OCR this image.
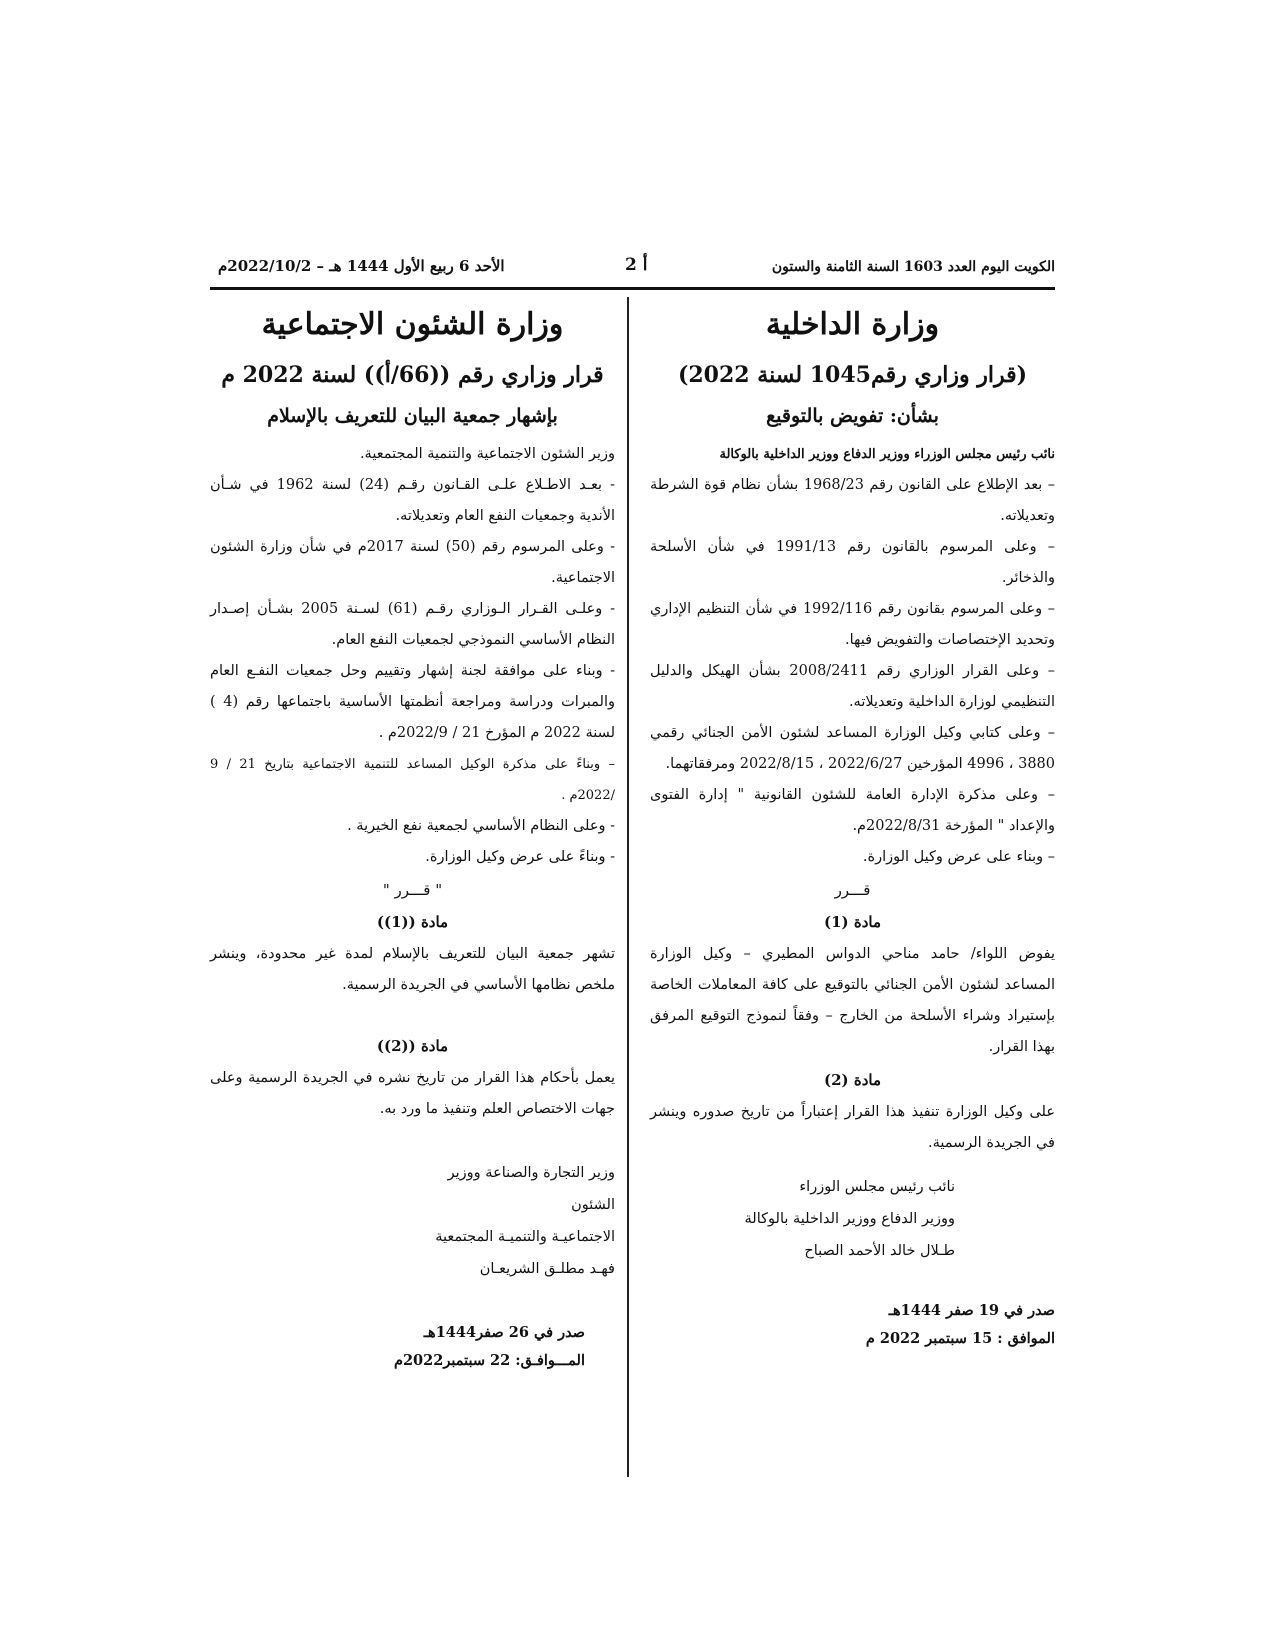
الكويت اليوم العدد 1603 السنة الثامنة والستون
أ 2
الأحد 6 ربيع الأول 1444 هـ – 2022/10/2م
وزارة الداخلية
(قرار وزاري رقم1045 لسنة 2022)
بشأن: تفويض بالتوقيع

نائب رئيس مجلس الوزراء ووزير الدفاع ووزير الداخلية بالوكالة

– بعد الإطلاع على القانون رقم 1968/23 بشأن نظام قوة الشرطة وتعديلاته.

– وعلى المرسوم بالقانون رقم 1991/13 في شأن الأسلحة والذخائر.

– وعلى المرسوم بقانون رقم 1992/116 في شأن التنظيم الإداري وتحديد الإختصاصات والتفويض فيها.

– وعلى القرار الوزاري رقم 2008/2411 بشأن الهيكل والدليل التنظيمي لوزارة الداخلية وتعديلاته.

– وعلى كتابي وكيل الوزارة المساعد لشئون الأمن الجنائي رقمي 3880 ، 4996 المؤرخين 2022/6/27 ، 2022/8/15 ومرفقاتهما.

– وعلى مذكرة الإدارة العامة للشئون القانونية " إدارة الفتوى والإعداد " المؤرخة 2022/8/31م.

– وبناء على عرض وكيل الوزارة.

قـــرر
مادة (1)

يفوض اللواء/ حامد مناحي الدواس المطيري – وكيل الوزارة المساعد لشئون الأمن الجنائي بالتوقيع على كافة المعاملات الخاصة بإستيراد وشراء الأسلحة من الخارج – وفقاً لنموذج التوقيع المرفق بهذا القرار.

مادة (2)

على وكيل الوزارة تنفيذ هذا القرار إعتباراً من تاريخ صدوره وينشر في الجريدة الرسمية.

نائب رئيس مجلس الوزراء

ووزير الدفاع ووزير الداخلية بالوكالة

طـلال خالد الأحمد الصباح

صدر في 19 صفر 1444هـ

الموافق : 15 سبتمبر 2022 م

وزارة الشئون الاجتماعية
قرار وزاري رقم ((66/أ)) لسنة 2022 م
بإشهار جمعية البيان للتعريف بالإسلام

وزير الشئون الاجتماعية والتنمية المجتمعية.

- بعـد الاطـلاع علـى القـانون رقـم (24) لسنة 1962 في شـأن الأندية وجمعيات النفع العام وتعديلاته.

- وعلى المرسوم رقم (50) لسنة 2017م في شأن وزارة الشئون الاجتماعية.

- وعلـى القـرار الـوزاري رقـم (61) لسـنة 2005 بشـأن إصـدار النظام الأساسي النموذجي لجمعيات النفع العام.

- وبناء على موافقة لجنة إشهار وتقييم وحل جمعيات النفـع العام والمبرات ودراسة ومراجعة أنظمتها الأساسية باجتماعها رقم (4 ) لسنة 2022 م المؤرخ 21 / 2022/9م .

– وبناءً على مذكرة الوكيل المساعد للتنمية الاجتماعية بتاريخ 21 / 9 /2022م .

- وعلى النظام الأساسي لجمعية نفع الخيرية .

- وبناءً على عرض وكيل الوزارة.

" قـــرر "
مادة ((1))

تشهر جمعية البيان للتعريف بالإسلام لمدة غير محدودة، وينشر ملخص نظامها الأساسي في الجريدة الرسمية.

مادة ((2))

يعمل بأحكام هذا القرار من تاريخ نشره في الجريدة الرسمية وعلى جهات الاختصاص العلم وتنفيذ ما ورد به.

وزير التجارة والصناعة ووزير الشئون

الاجتماعيـة والتنميـة المجتمعية

فهـد مطلـق الشريعـان

صدر في 26 صفر1444هـ

المـــوافـق: 22 سبتمبر2022م
